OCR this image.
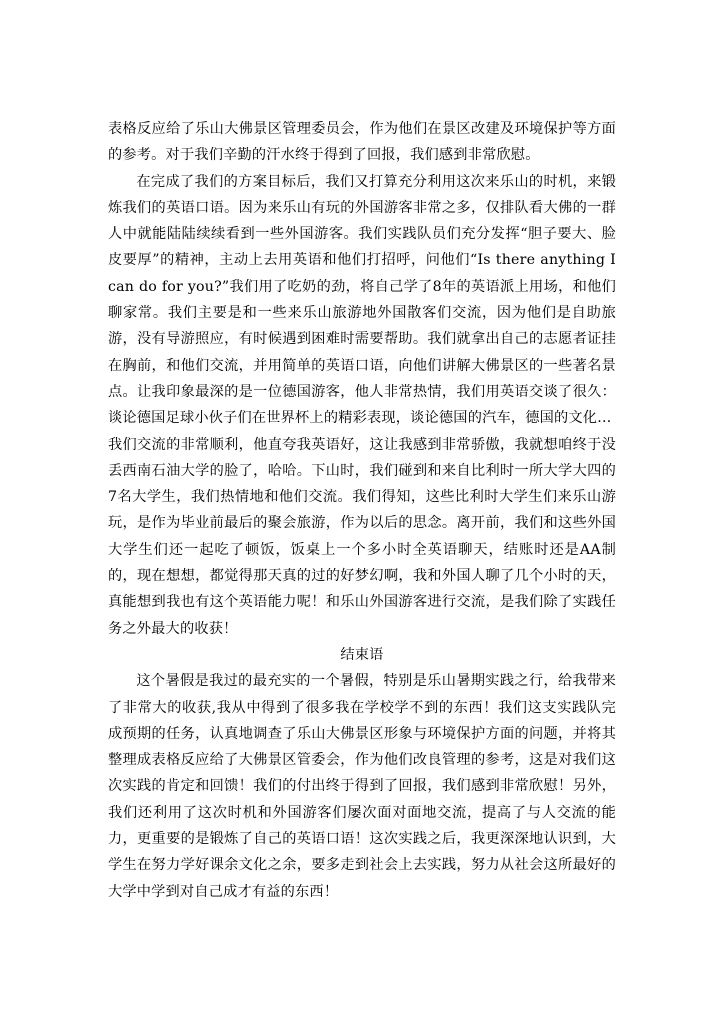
表格反应给了乐山大佛景区管理委员会，作为他们在景区改建及环境保护等方面的参考。对于我们辛勤的汗水终于得到了回报，我们感到非常欣慰。

在完成了我们的方案目标后，我们又打算充分利用这次来乐山的时机，来锻炼我们的英语口语。因为来乐山有玩的外国游客非常之多，仅排队看大佛的一群人中就能陆陆续续看到一些外国游客。我们实践队员们充分发挥“胆子要大、脸皮要厚”的精神，主动上去用英语和他们打招呼，问他们“Is there anything I can do for you?”我们用了吃奶的劲，将自己学了8年的英语派上用场，和他们聊家常。我们主要是和一些来乐山旅游地外国散客们交流，因为他们是自助旅游，没有导游照应，有时候遇到困难时需要帮助。我们就拿出自己的志愿者证挂在胸前，和他们交流，并用简单的英语口语，向他们讲解大佛景区的一些著名景点。让我印象最深的是一位德国游客，他人非常热情，我们用英语交谈了很久：谈论德国足球小伙子们在世界杯上的精彩表现，谈论德国的汽车，德国的文化…

我们交流的非常顺利，他直夸我英语好，这让我感到非常骄傲，我就想咱终于没丢西南石油大学的脸了，哈哈。下山时，我们碰到和来自比利时一所大学大四的7名大学生，我们热情地和他们交流。我们得知，这些比利时大学生们来乐山游玩，是作为毕业前最后的聚会旅游，作为以后的思念。离开前，我们和这些外国大学生们还一起吃了顿饭，饭桌上一个多小时全英语聊天，结账时还是AA制的，现在想想，都觉得那天真的过的好梦幻啊，我和外国人聊了几个小时的天，真能想到我也有这个英语能力呢！和乐山外国游客进行交流，是我们除了实践任务之外最大的收获！

结束语

这个暑假是我过的最充实的一个暑假，特别是乐山暑期实践之行，给我带来了非常大的收获,我从中得到了很多我在学校学不到的东西！我们这支实践队完成预期的任务，认真地调查了乐山大佛景区形象与环境保护方面的问题，并将其整理成表格反应给了大佛景区管委会，作为他们改良管理的参考，这是对我们这次实践的肯定和回馈！我们的付出终于得到了回报，我们感到非常欣慰！另外，我们还利用了这次时机和外国游客们屡次面对面地交流，提高了与人交流的能力，更重要的是锻炼了自己的英语口语！这次实践之后，我更深深地认识到，大学生在努力学好课余文化之余，要多走到社会上去实践，努力从社会这所最好的大学中学到对自己成才有益的东西！
